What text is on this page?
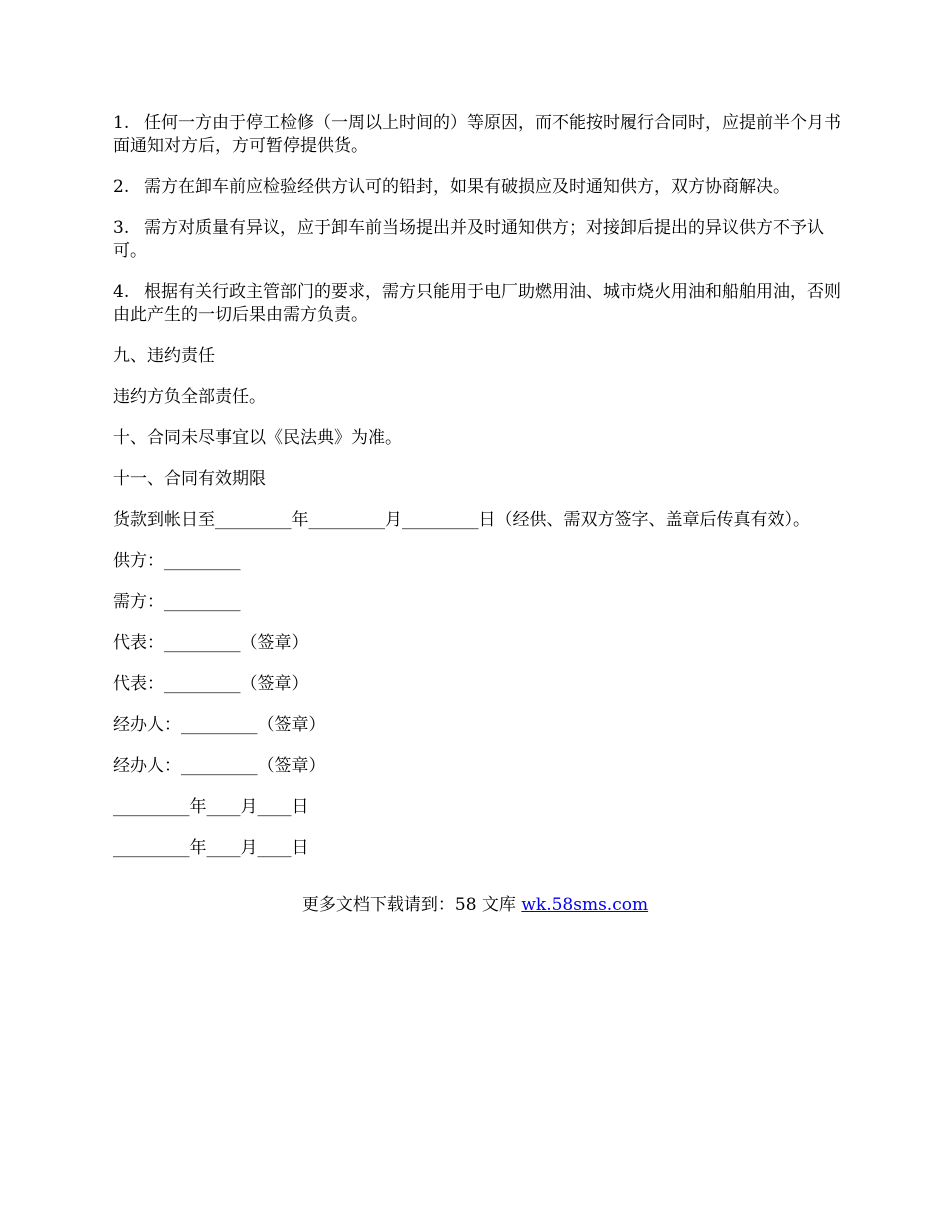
1. 任何一方由于停工检修（一周以上时间的）等原因，而不能按时履行合同时，应提前半个月书面通知对方后，方可暂停提供货。

2. 需方在卸车前应检验经供方认可的铅封，如果有破损应及时通知供方，双方协商解决。

3. 需方对质量有异议，应于卸车前当场提出并及时通知供方；对接卸后提出的异议供方不予认可。

4. 根据有关行政主管部门的要求，需方只能用于电厂助燃用油、城市烧火用油和船舶用油，否则由此产生的一切后果由需方负责。

九、违约责任

违约方负全部责任。

十、合同未尽事宜以《民法典》为准。

十一、合同有效期限

货款到帐日至_________年_________月_________日（经供、需双方签字、盖章后传真有效）。

供方：_________

需方：_________

代表：_________（签章）

代表：_________（签章）

经办人：_________（签章）

经办人：_________（签章）

_________年____月____日

_________年____月____日

更多文档下载请到：58 文库 wk.58sms.com
